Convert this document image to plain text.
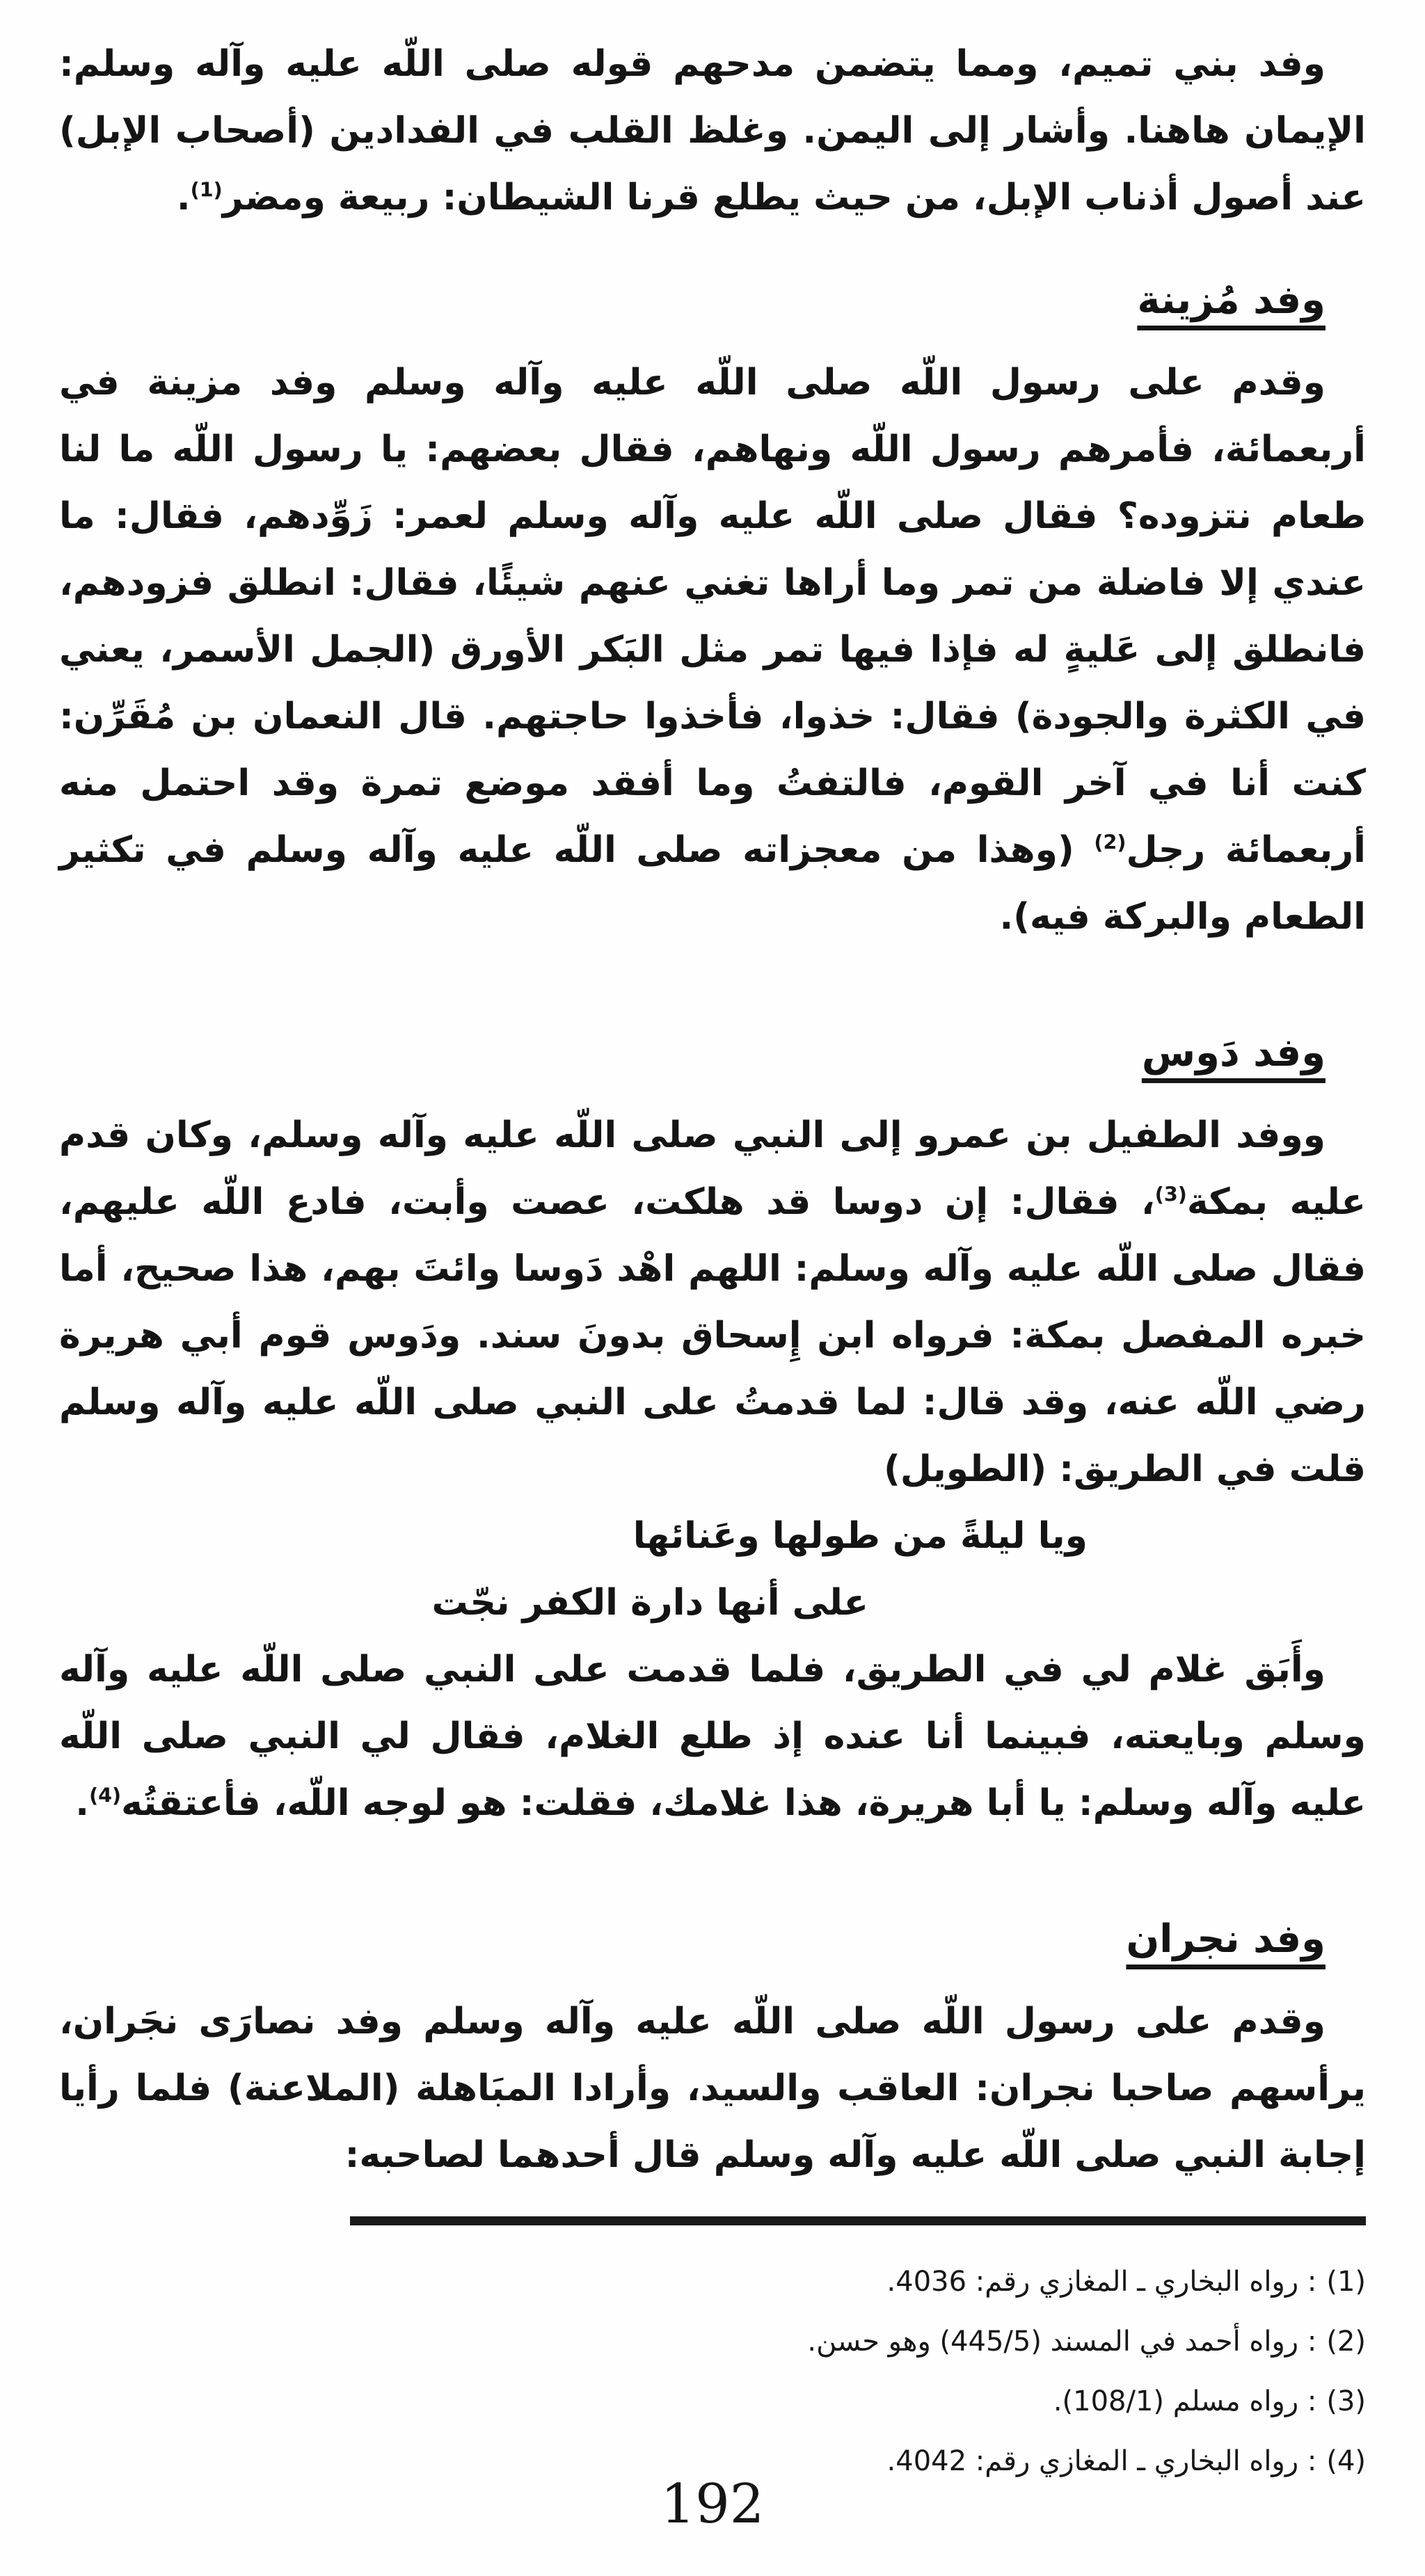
وفد بني تميم، ومما يتضمن مدحهم قوله صلى اللّه عليه وآله وسلم: الإيمان هاهنا. وأشار إلى اليمن. وغلظ القلب في الفدادين (أصحاب الإبل) عند أصول أذناب الإبل، من حيث يطلع قرنا الشيطان: ربيعة ومضر$^{(1)}$.

وفد مُزينة

وقدم على رسول اللّه صلى اللّه عليه وآله وسلم وفد مزينة في أربعمائة، فأمرهم رسول اللّه ونهاهم، فقال بعضهم: يا رسول اللّه ما لنا طعام نتزوده؟ فقال صلى اللّه عليه وآله وسلم لعمر: زَوِّدهم، فقال: ما عندي إلا فاضلة من تمر وما أراها تغني عنهم شيئًا، فقال: انطلق فزودهم، فانطلق إلى عَليةٍ له فإذا فيها تمر مثل البَكر الأورق (الجمل الأسمر، يعني في الكثرة والجودة) فقال: خذوا، فأخذوا حاجتهم. قال النعمان بن مُقَرِّن: كنت أنا في آخر القوم، فالتفتُ وما أفقد موضع تمرة وقد احتمل منه أربعمائة رجل$^{(2)}$ (وهذا من معجزاته صلى اللّه عليه وآله وسلم في تكثير الطعام والبركة فيه).

وفد دَوس

ووفد الطفيل بن عمرو إلى النبي صلى اللّه عليه وآله وسلم، وكان قدم عليه بمكة$^{(3)}$، فقال: إن دوسا قد هلكت، عصت وأبت، فادع اللّه عليهم، فقال صلى اللّه عليه وآله وسلم: اللهم اهْد دَوسا وائتَ بهم، هذا صحيح، أما خبره المفصل بمكة: فرواه ابن إِسحاق بدونَ سند. ودَوس قوم أبي هريرة رضي اللّه عنه، وقد قال: لما قدمتُ على النبي صلى اللّه عليه وآله وسلم قلت في الطريق: (الطويل)

ويا ليلةً من طولها وعَنائها
على أنها دارة الكفر نجّت

وأَبَق غلام لي في الطريق، فلما قدمت على النبي صلى اللّه عليه وآله وسلم وبايعته، فبينما أنا عنده إذ طلع الغلام، فقال لي النبي صلى اللّه عليه وآله وسلم: يا أبا هريرة، هذا غلامك، فقلت: هو لوجه اللّه، فأعتقتُه$^{(4)}$.

وفد نجران

وقدم على رسول اللّه صلى اللّه عليه وآله وسلم وفد نصارَى نجَران، يرأسهم صاحبا نجران: العاقب والسيد، وأرادا المبَاهلة (الملاعنة) فلما رأيا إجابة النبي صلى اللّه عليه وآله وسلم قال أحدهما لصاحبه:

(1): رواه البخاري ـ المغازي رقم: 4036.
(2): رواه أحمد في المسند (445/5) وهو حسن.
(3): رواه مسلم (108/1).
(4): رواه البخاري ـ المغازي رقم: 4042.
192
